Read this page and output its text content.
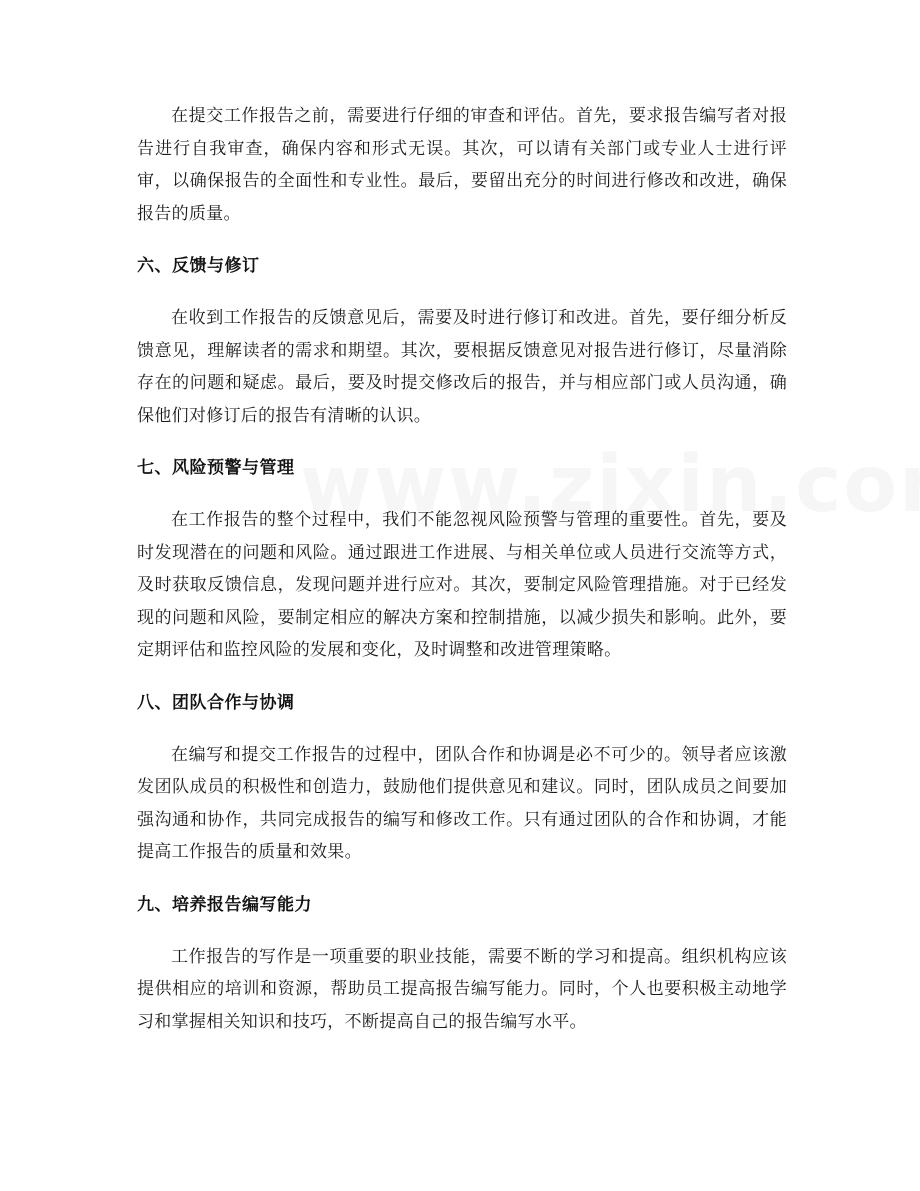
在提交工作报告之前，需要进行仔细的审查和评估。首先，要求报告编写者对报告进行自我审查，确保内容和形式无误。其次，可以请有关部门或专业人士进行评审，以确保报告的全面性和专业性。最后，要留出充分的时间进行修改和改进，确保报告的质量。

六、反馈与修订

在收到工作报告的反馈意见后，需要及时进行修订和改进。首先，要仔细分析反馈意见，理解读者的需求和期望。其次，要根据反馈意见对报告进行修订，尽量消除存在的问题和疑虑。最后，要及时提交修改后的报告，并与相应部门或人员沟通，确保他们对修订后的报告有清晰的认识。

七、风险预警与管理

在工作报告的整个过程中，我们不能忽视风险预警与管理的重要性。首先，要及时发现潜在的问题和风险。通过跟进工作进展、与相关单位或人员进行交流等方式，及时获取反馈信息，发现问题并进行应对。其次，要制定风险管理措施。对于已经发现的问题和风险，要制定相应的解决方案和控制措施，以减少损失和影响。此外，要定期评估和监控风险的发展和变化，及时调整和改进管理策略。

八、团队合作与协调

在编写和提交工作报告的过程中，团队合作和协调是必不可少的。领导者应该激发团队成员的积极性和创造力，鼓励他们提供意见和建议。同时，团队成员之间要加强沟通和协作，共同完成报告的编写和修改工作。只有通过团队的合作和协调，才能提高工作报告的质量和效果。

九、培养报告编写能力

工作报告的写作是一项重要的职业技能，需要不断的学习和提高。组织机构应该提供相应的培训和资源，帮助员工提高报告编写能力。同时，个人也要积极主动地学习和掌握相关知识和技巧，不断提高自己的报告编写水平。
